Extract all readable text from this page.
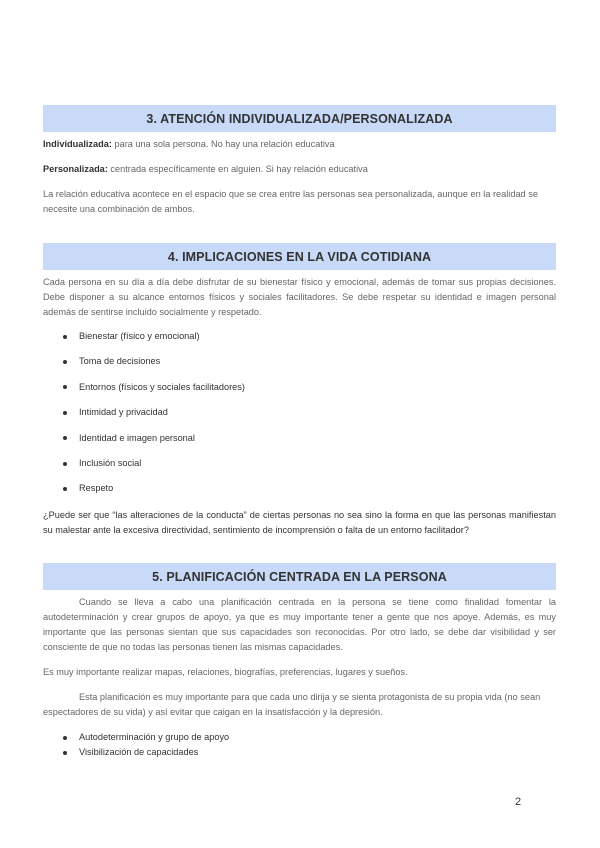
3. ATENCIÓN INDIVIDUALIZADA/PERSONALIZADA

Individualizada: para una sola persona. No hay una relación educativa

Personalizada: centrada específicamente en alguien. Si hay relación educativa

La relación educativa acontece en el espacio que se crea entre las personas sea personalizada, aunque en la realidad se necesite una combinación de ambos.

4. IMPLICACIONES EN LA VIDA COTIDIANA

Cada persona en su día a día debe disfrutar de su bienestar físico y emocional, además de tomar sus propias decisiones. Debe disponer a su alcance entornos físicos y sociales facilitadores. Se debe respetar su identidad e imagen personal además de sentirse incluido socialmente y respetado.

Bienestar (físico y emocional)
Toma de decisiones
Entornos (físicos y sociales facilitadores)
Intimidad y privacidad
Identidad e imagen personal
Inclusión social
Respeto

¿Puede ser que “las alteraciones de la conducta” de ciertas personas no sea sino la forma en que las personas manifiestan su malestar ante la excesiva directividad, sentimiento de incomprensión o falta de un entorno facilitador?

5. PLANIFICACIÓN CENTRADA EN LA PERSONA

Cuando se lleva a cabo una planificación centrada en la persona se tiene como finalidad fomentar la autodeterminación y crear grupos de apoyo, ya que es muy importante tener a gente que nos apoye. Además, es muy importante que las personas sientan que sus capacidades son reconocidas. Por otro lado, se debe dar visibilidad y ser consciente de que no todas las personas tienen las mismas capacidades.

Es muy importante realizar mapas, relaciones, biografías, preferencias, lugares y sueños.

Esta planificación es muy importante para que cada uno dirija y se sienta protagonista de su propia vida (no sean espectadores de su vida) y así evitar que caigan en la insatisfacción y la depresión.

Autodeterminación y grupo de apoyo
Visibilización de capacidades
2
